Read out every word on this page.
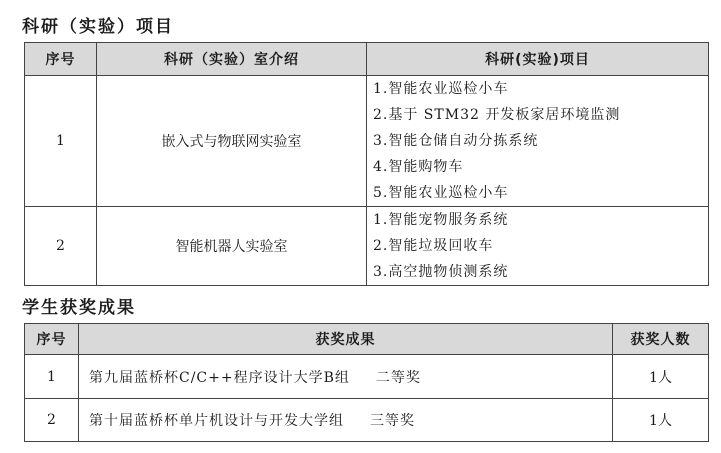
科研（实验）项目
序号	科研（实验）室介绍	科研(实验)项目
1	嵌入式与物联网实验室	1.智能农业巡检小车
2.基于 STM32 开发板家居环境监测
3.智能仓储自动分拣系统
4.智能购物车
5.智能农业巡检小车

2	智能机器人实验室	1.智能宠物服务系统
2.智能垃圾回收车
3.高空抛物侦测系统
学生获奖成果
序号	获奖成果	获奖人数
1	第九届蓝桥杯C/C++程序设计大学B组 二等奖	1人
2	第十届蓝桥杯单片机设计与开发大学组 三等奖	1人
